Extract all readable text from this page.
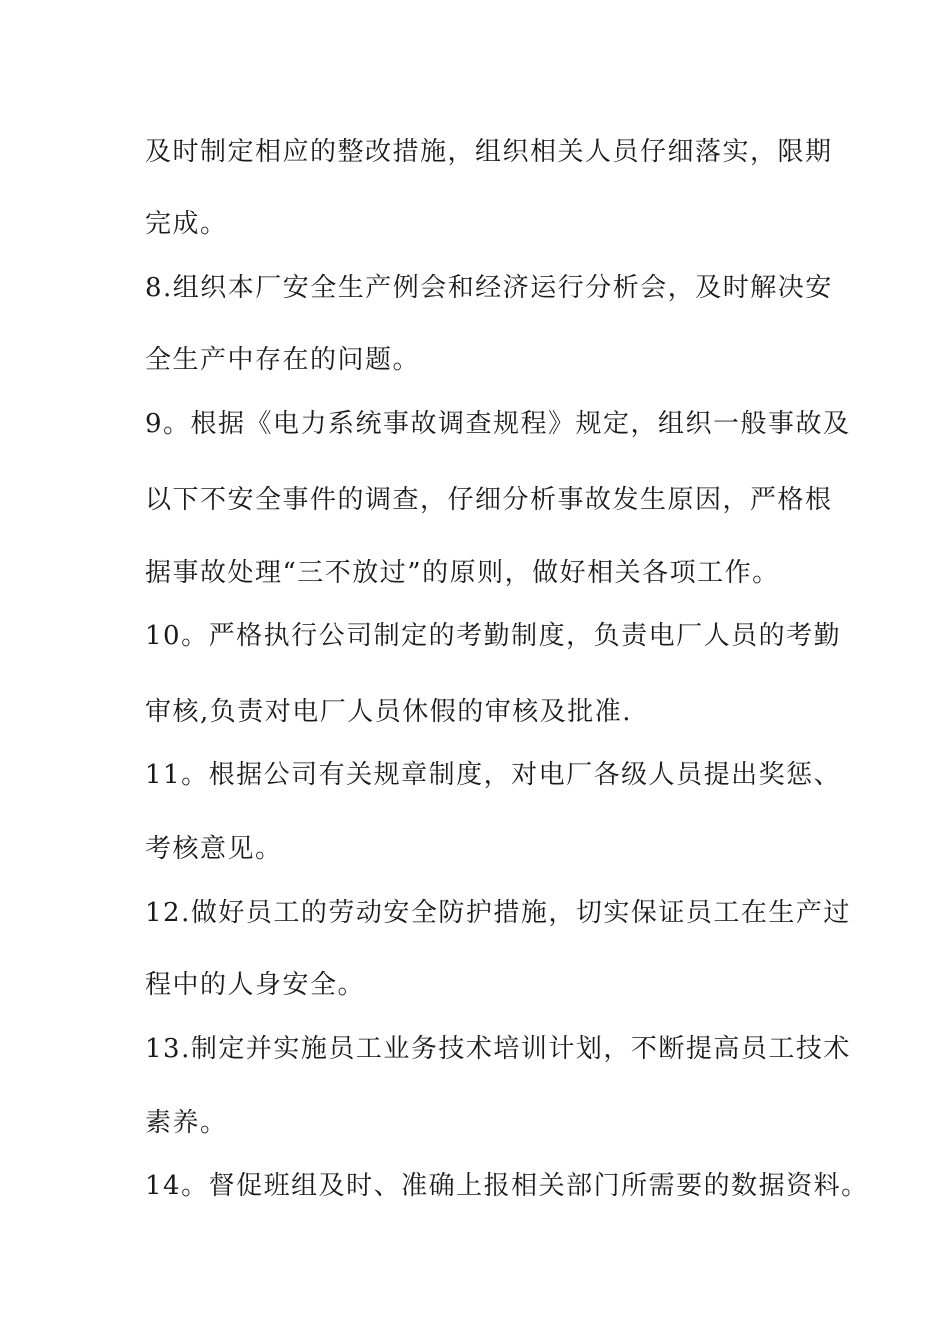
及时制定相应的整改措施，组织相关人员仔细落实，限期
完成。
8.组织本厂安全生产例会和经济运行分析会，及时解决安
全生产中存在的问题。
9。根据《电力系统事故调查规程》规定，组织一般事故及
以下不安全事件的调查，仔细分析事故发生原因，严格根
据事故处理“三不放过”的原则，做好相关各项工作。
10。严格执行公司制定的考勤制度，负责电厂人员的考勤
审核,负责对电厂人员休假的审核及批准.
11。根据公司有关规章制度，对电厂各级人员提出奖惩、
考核意见。
12.做好员工的劳动安全防护措施，切实保证员工在生产过
程中的人身安全。
13.制定并实施员工业务技术培训计划，不断提高员工技术
素养。
14。督促班组及时、准确上报相关部门所需要的数据资料。
